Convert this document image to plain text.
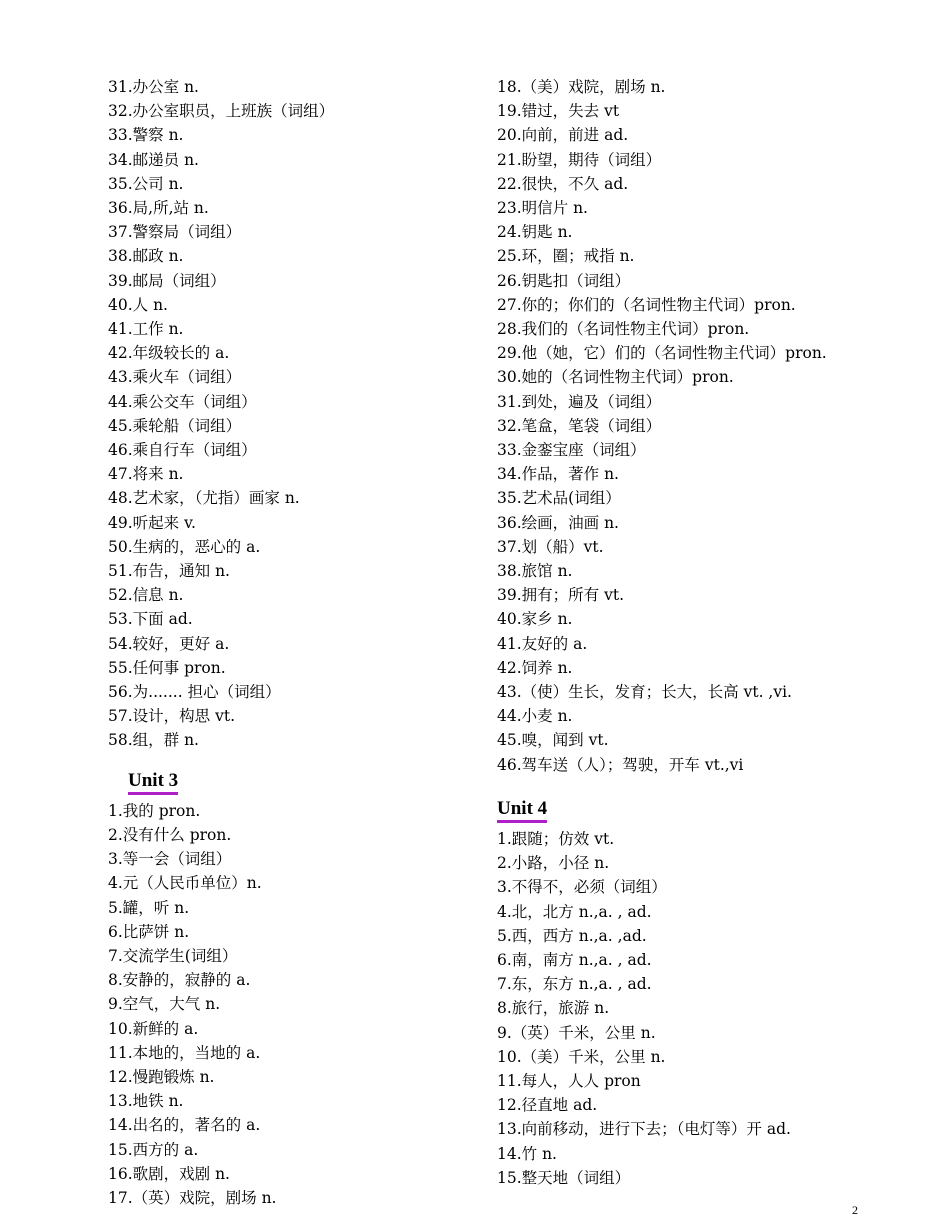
31.办公室 n.
32.办公室职员，上班族（词组）
33.警察 n.
34.邮递员 n.
35.公司 n.
36.局,所,站 n.
37.警察局（词组）
38.邮政 n.
39.邮局（词组）
40.人 n.
41.工作 n.
42.年级较长的 a.
43.乘火车（词组）
44.乘公交车（词组）
45.乘轮船（词组）
46.乘自行车（词组）
47.将来 n.
48.艺术家，（尤指）画家 n.
49.听起来 v.
50.生病的，恶心的 a.
51.布告，通知 n.
52.信息 n.
53.下面 ad.
54.较好，更好 a.
55.任何事 pron.
56.为....... 担心（词组）
57.设计，构思 vt.
58.组，群 n.
Unit 3
1.我的 pron.
2.没有什么 pron.
3.等一会（词组）
4.元（人民币单位）n.
5.罐，听 n.
6.比萨饼 n.
7.交流学生(词组）
8.安静的，寂静的 a.
9.空气，大气 n.
10.新鲜的 a.
11.本地的，当地的 a.
12.慢跑锻炼 n.
13.地铁 n.
14.出名的，著名的 a.
15.西方的 a.
16.歌剧，戏剧 n.
17.（英）戏院，剧场 n.
18.（美）戏院，剧场 n.
19.错过，失去 vt
20.向前，前进 ad.
21.盼望，期待（词组）
22.很快，不久 ad.
23.明信片 n.
24.钥匙 n.
25.环，圈；戒指 n.
26.钥匙扣（词组）
27.你的；你们的（名词性物主代词）pron.
28.我们的（名词性物主代词）pron.
29.他（她，它）们的（名词性物主代词）pron.
30.她的（名词性物主代词）pron.
31.到处，遍及（词组）
32.笔盒，笔袋（词组）
33.金銮宝座（词组）
34.作品，著作 n.
35.艺术品(词组）
36.绘画，油画 n.
37.划（船）vt.
38.旅馆 n.
39.拥有；所有 vt.
40.家乡 n.
41.友好的 a.
42.饲养 n.
43.（使）生长，发育；长大，长高 vt. ,vi.
44.小麦 n.
45.嗅，闻到 vt.
46.驾车送（人）；驾驶，开车 vt.,vi
Unit 4
1.跟随；仿效 vt.
2.小路，小径 n.
3.不得不，必须（词组）
4.北，北方 n.,a. , ad.
5.西，西方 n.,a. ,ad.
6.南，南方 n.,a. , ad.
7.东，东方 n.,a. , ad.
8.旅行，旅游 n.
9.（英）千米，公里 n.
10.（美）千米，公里 n.
11.每人，人人 pron
12.径直地 ad.
13.向前移动，进行下去；（电灯等）开 ad.
14.竹 n.
15.整天地（词组）
2
